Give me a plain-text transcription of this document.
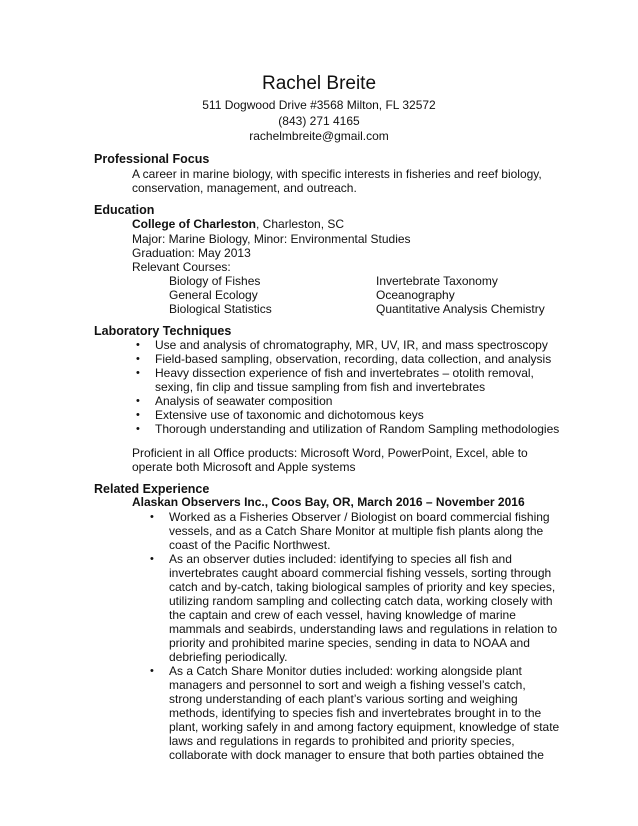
Rachel Breite
511 Dogwood Drive #3568 Milton, FL 32572
(843) 271 4165
rachelmbreite@gmail.com
Professional Focus
A career in marine biology, with specific interests in fisheries and reef biology,
conservation, management, and outreach.
Education
College of Charleston, Charleston, SC
Major: Marine Biology, Minor: Environmental Studies
Graduation: May 2013
Relevant Courses:
Biology of Fishes
General Ecology
Biological Statistics
Invertebrate Taxonomy
Oceanography
Quantitative Analysis Chemistry
Laboratory Techniques
• Use and analysis of chromatography, MR, UV, IR, and mass spectroscopy
• Field-based sampling, observation, recording, data collection, and analysis
• Heavy dissection experience of fish and invertebrates – otolith removal,
sexing, fin clip and tissue sampling from fish and invertebrates
• Analysis of seawater composition
• Extensive use of taxonomic and dichotomous keys
• Thorough understanding and utilization of Random Sampling methodologies
Proficient in all Office products: Microsoft Word, PowerPoint, Excel, able to
operate both Microsoft and Apple systems
Related Experience
Alaskan Observers Inc., Coos Bay, OR, March 2016 – November 2016
• Worked as a Fisheries Observer / Biologist on board commercial fishing
vessels, and as a Catch Share Monitor at multiple fish plants along the
coast of the Pacific Northwest.
• As an observer duties included: identifying to species all fish and
invertebrates caught aboard commercial fishing vessels, sorting through
catch and by-catch, taking biological samples of priority and key species,
utilizing random sampling and collecting catch data, working closely with
the captain and crew of each vessel, having knowledge of marine
mammals and seabirds, understanding laws and regulations in relation to
priority and prohibited marine species, sending in data to NOAA and
debriefing periodically.
• As a Catch Share Monitor duties included: working alongside plant
managers and personnel to sort and weigh a fishing vessel’s catch,
strong understanding of each plant’s various sorting and weighing
methods, identifying to species fish and invertebrates brought in to the
plant, working safely in and among factory equipment, knowledge of state
laws and regulations in regards to prohibited and priority species,
collaborate with dock manager to ensure that both parties obtained the
